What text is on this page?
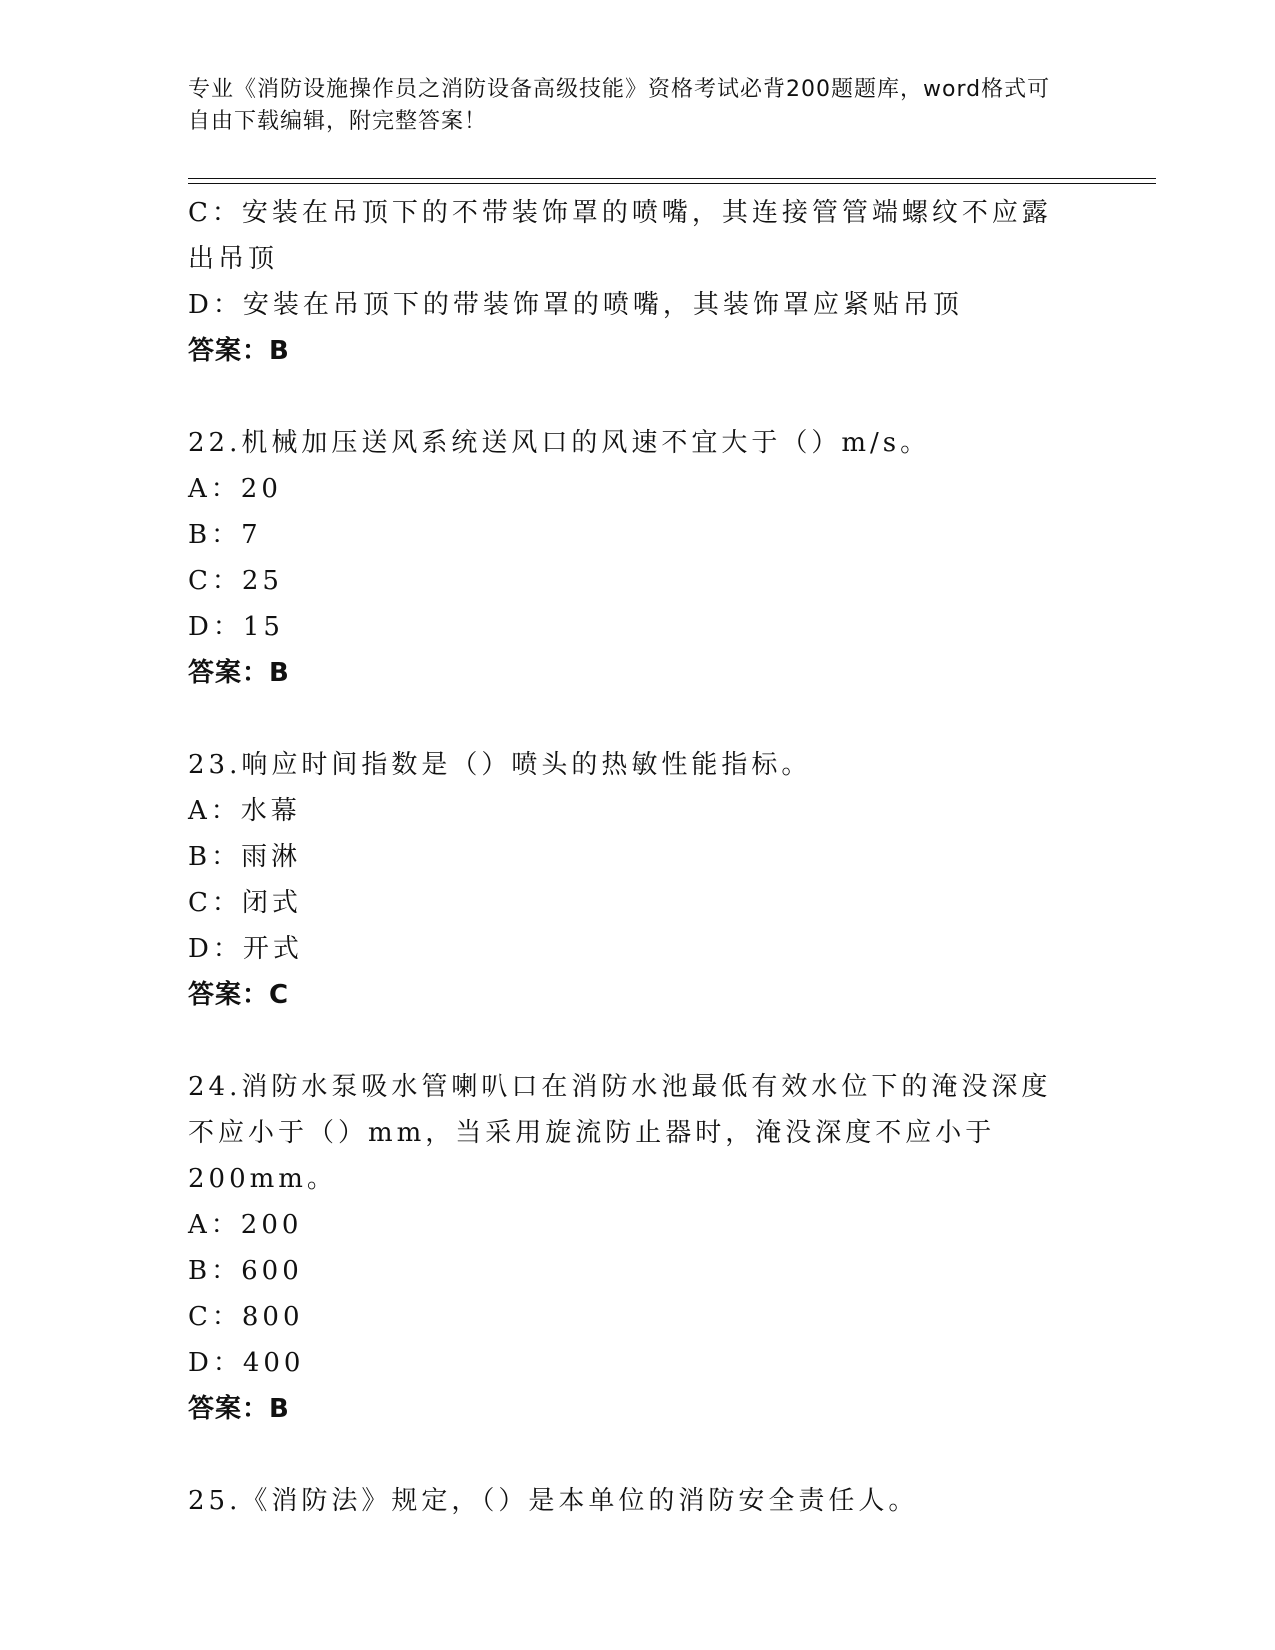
专业《消防设施操作员之消防设备高级技能》资格考试必背200题题库，word格式可自由下载编辑，附完整答案！
C：安装在吊顶下的不带装饰罩的喷嘴，其连接管管端螺纹不应露出吊顶
D：安装在吊顶下的带装饰罩的喷嘴，其装饰罩应紧贴吊顶
答案：B
22.机械加压送风系统送风口的风速不宜大于（）m/s。
A：20
B：7
C：25
D：15
答案：B
23.响应时间指数是（）喷头的热敏性能指标。
A：水幕
B：雨淋
C：闭式
D：开式
答案：C
24.消防水泵吸水管喇叭口在消防水池最低有效水位下的淹没深度不应小于（）mm，当采用旋流防止器时，淹没深度不应小于200mm。
A：200
B：600
C：800
D：400
答案：B
25.《消防法》规定，（）是本单位的消防安全责任人。
